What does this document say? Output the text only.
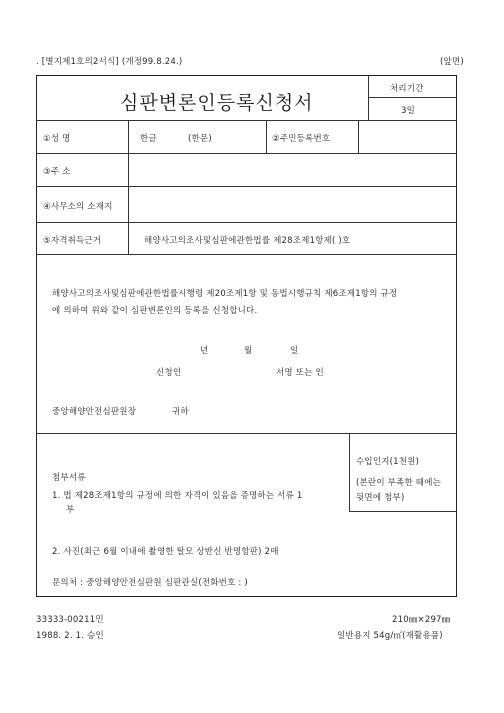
. [별지제1호의2서식] (개정99.8.24.)	(앞면)
심판변론인등록신청서
처리기간
3일
①성 명	한글	(한문)	②주민등록번호
③주 소
④사무소의 소재지
⑤자격취득근거	해양사고의조사및심판에관한법률 제28조제1항제( )호
해양사고의조사및심판에관한법률시행령 제20조제1항 및 동법시행규칙 제6조제1항의 규정
에 의하여 위와 같이 심판변론인의 등록을 신청합니다.
년	월	일
신청인	서명 또는 인
중앙해양안전심판원장	귀하
수입인지(1천원)
(본란이 부족한 때에는
뒷면에 첨부)
첨부서류
1. 법 제28조제1항의 규정에 의한 자격이 있음을 증명하는 서류 1
부
2. 사진(최근 6월 이내에 촬영한 탈모 상반신 반명함판) 2매
문의처 : 중앙해양안전심판원 심판관실(전화번호 : )
33333-00211민	210㎜×297㎜
1988. 2. 1. 승인	일반용지 54g/㎡(재활용품)
